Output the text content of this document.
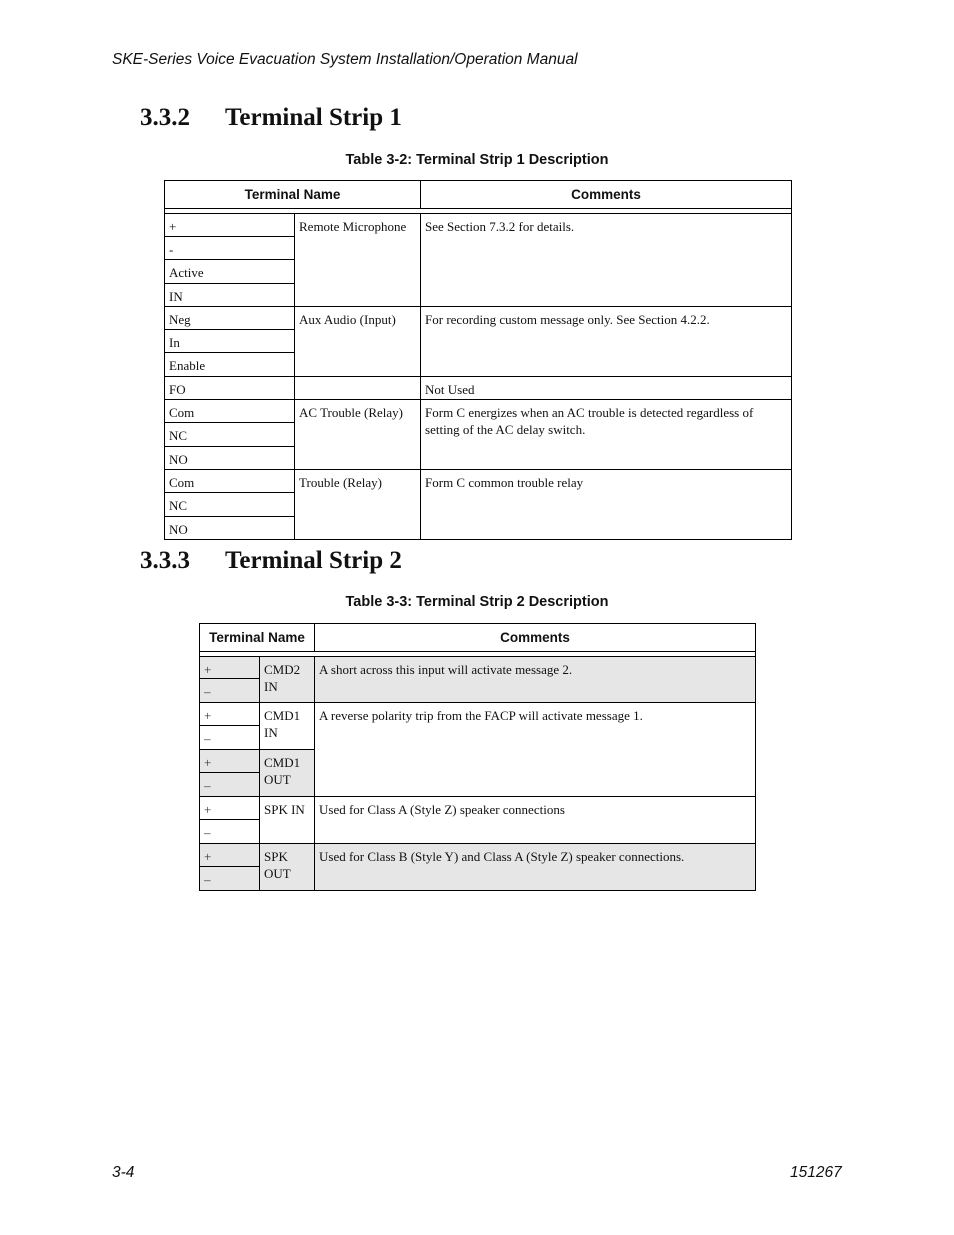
SKE-Series Voice Evacuation System Installation/Operation Manual
3.3.2 Terminal Strip 1
Table 3-2: Terminal Strip 1 Description
Terminal Name		Comments

+	Remote Microphone	See Section 7.3.2 for details.
-		
Active		
IN		
Neg	Aux Audio (Input)	For recording custom message only. See Section 4.2.2.
In		
Enable		
FO		Not Used
Com	AC Trouble (Relay)	Form C energizes when an AC trouble is detected regardless of setting of the AC delay switch.
NC		
NO		
Com	Trouble (Relay)	Form C common trouble relay
NC		
NO		
3.3.3 Terminal Strip 2
Table 3-3: Terminal Strip 2 Description
Terminal Name		Comments

+	CMD2 IN	A short across this input will activate message 2.
–		
+	CMD1 IN	A reverse polarity trip from the FACP will activate message 1.
–		
+	CMD1 OUT	
–		
+	SPK IN	Used for Class A (Style Z) speaker connections
–		
+	SPK OUT	Used for Class B (Style Y) and Class A (Style Z) speaker connections.
–		
3-4	151267
